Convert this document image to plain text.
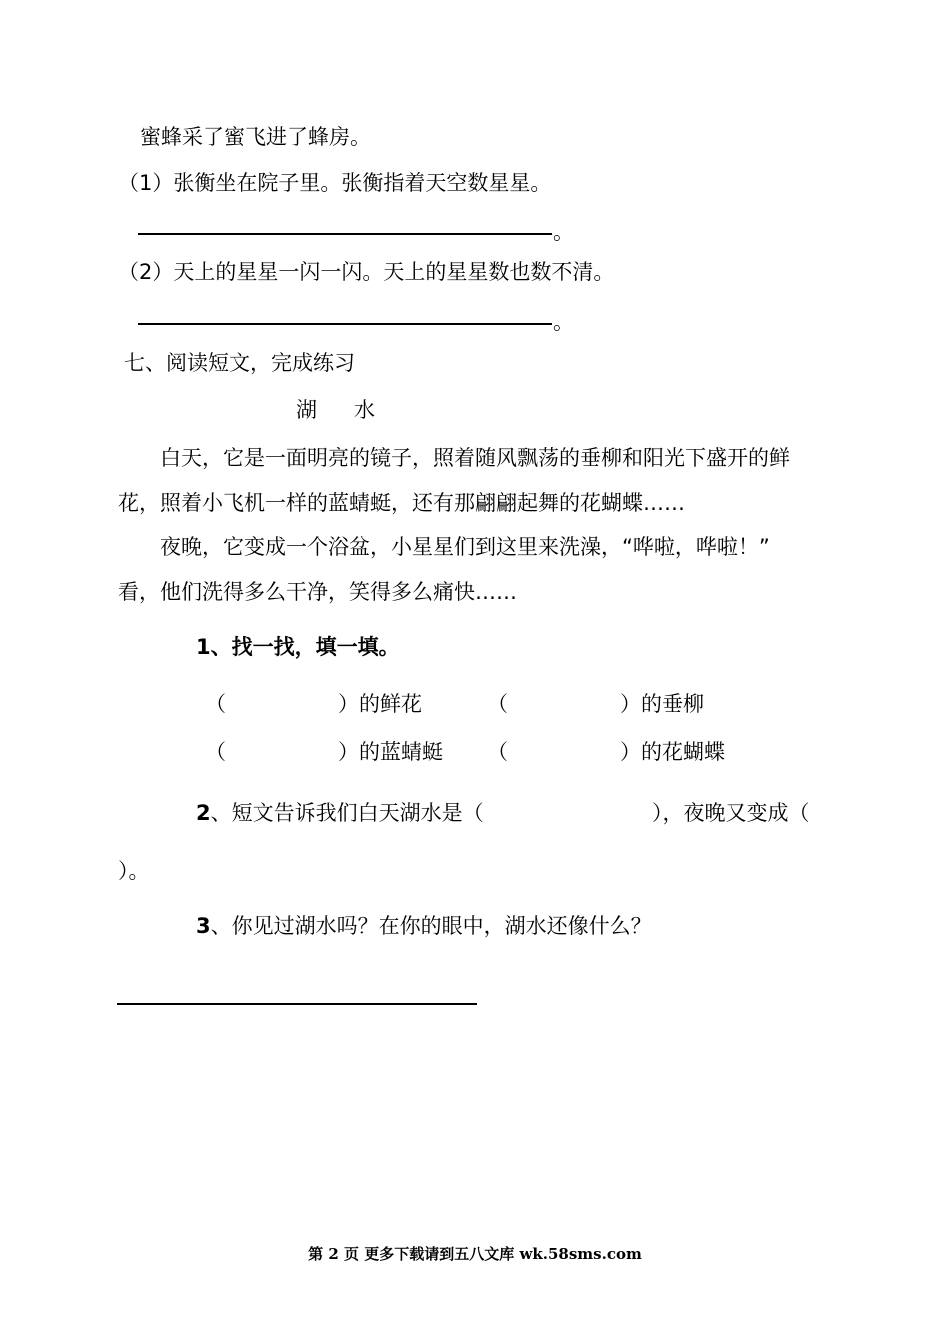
蜜蜂采了蜜飞进了蜂房。
（1）张衡坐在院子里。张衡指着天空数星星。
。
（2）天上的星星一闪一闪。天上的星星数也数不清。
。
七、阅读短文，完成练习
湖　水
白天，它是一面明亮的镜子，照着随风飘荡的垂柳和阳光下盛开的鲜
花，照着小飞机一样的蓝蜻蜓，还有那翩翩起舞的花蝴蝶……
夜晚，它变成一个浴盆，小星星们到这里来洗澡，“哗啦，哗啦！”
看，他们洗得多么干净，笑得多么痛快……
1、找一找，填一填。
（	）的鲜花	（	）的垂柳
（	）的蓝蜻蜓 （	）的花蝴蝶
2、短文告诉我们白天湖水是（	），夜晚又变成（
）。
3、你见过湖水吗？在你的眼中，湖水还像什么？
第 2 页 更多下载请到五八文库 wk.58sms.com
